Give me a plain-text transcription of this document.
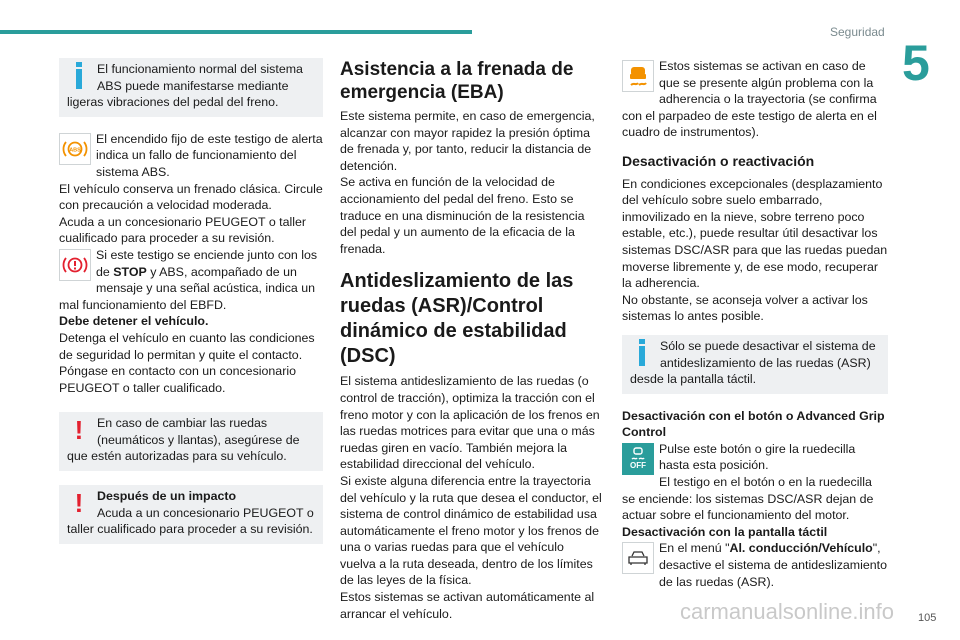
Seguridad
5

El funcionamiento normal del sistema ABS puede manifestarse mediante ligeras vibraciones del pedal del freno.

ABS

El encendido fijo de este testigo de alerta indica un fallo de funcionamiento del sistema ABS.

El vehículo conserva un frenado clásica. Circule con precaución a velocidad moderada.

Acuda a un concesionario PEUGEOT o taller cualificado para proceder a su revisión.

Si este testigo se enciende junto con los de STOP y ABS, acompañado de un mensaje y una señal acústica, indica un mal funcionamiento del EBFD.

Debe detener el vehículo.

Detenga el vehículo en cuanto las condiciones de seguridad lo permitan y quite el contacto.

Póngase en contacto con un concesionario PEUGEOT o taller cualificado.

!	En caso de cambiar las ruedas (neumáticos y llantas), asegúrese de que estén autorizadas para su vehículo.

!	Después de un impacto

Acuda a un concesionario PEUGEOT o taller cualificado para proceder a su revisión.

Asistencia a la frenada de emergencia (EBA)

Este sistema permite, en caso de emergencia, alcanzar con mayor rapidez la presión óptima de frenada y, por tanto, reducir la distancia de detención.

Se activa en función de la velocidad de accionamiento del pedal del freno. Esto se traduce en una disminución de la resistencia del pedal y un aumento de la eficacia de la frenada.

Antideslizamiento de las ruedas (ASR)/Control dinámico de estabilidad (DSC)

El sistema antideslizamiento de las ruedas (o control de tracción), optimiza la tracción con el freno motor y con la aplicación de los frenos en las ruedas motrices para evitar que una o más ruedas giren en vacío. También mejora la estabilidad direccional del vehículo.

Si existe alguna diferencia entre la trayectoria del vehículo y la ruta que desea el conductor, el sistema de control dinámico de estabilidad usa automáticamente el freno motor y los frenos de una o varias ruedas para que el vehículo vuelva a la ruta deseada, dentro de los límites de las leyes de la física.

Estos sistemas se activan automáticamente al arrancar el vehículo.

Estos sistemas se activan en caso de que se presente algún problema con la adherencia o la trayectoria (se confirma con el parpadeo de este testigo de alerta en el cuadro de instrumentos).

Desactivación o reactivación

En condiciones excepcionales (desplazamiento del vehículo sobre suelo embarrado, inmovilizado en la nieve, sobre terreno poco estable, etc.), puede resultar útil desactivar los sistemas DSC/ASR para que las ruedas puedan moverse libremente y, de ese modo, recuperar la adherencia.

No obstante, se aconseja volver a activar los sistemas lo antes posible.

Sólo se puede desactivar el sistema de antideslizamiento de las ruedas (ASR) desde la pantalla táctil.

Desactivación con el botón o Advanced Grip Control

OFF

Pulse este botón o gire la ruedecilla hasta esta posición.

El testigo en el botón o en la ruedecilla se enciende: los sistemas DSC/ASR dejan de actuar sobre el funcionamiento del motor.

Desactivación con la pantalla táctil

En el menú "Al. conducción/Vehículo", desactive el sistema de antideslizamiento de las ruedas (ASR).

carmanualsonline.info 105
